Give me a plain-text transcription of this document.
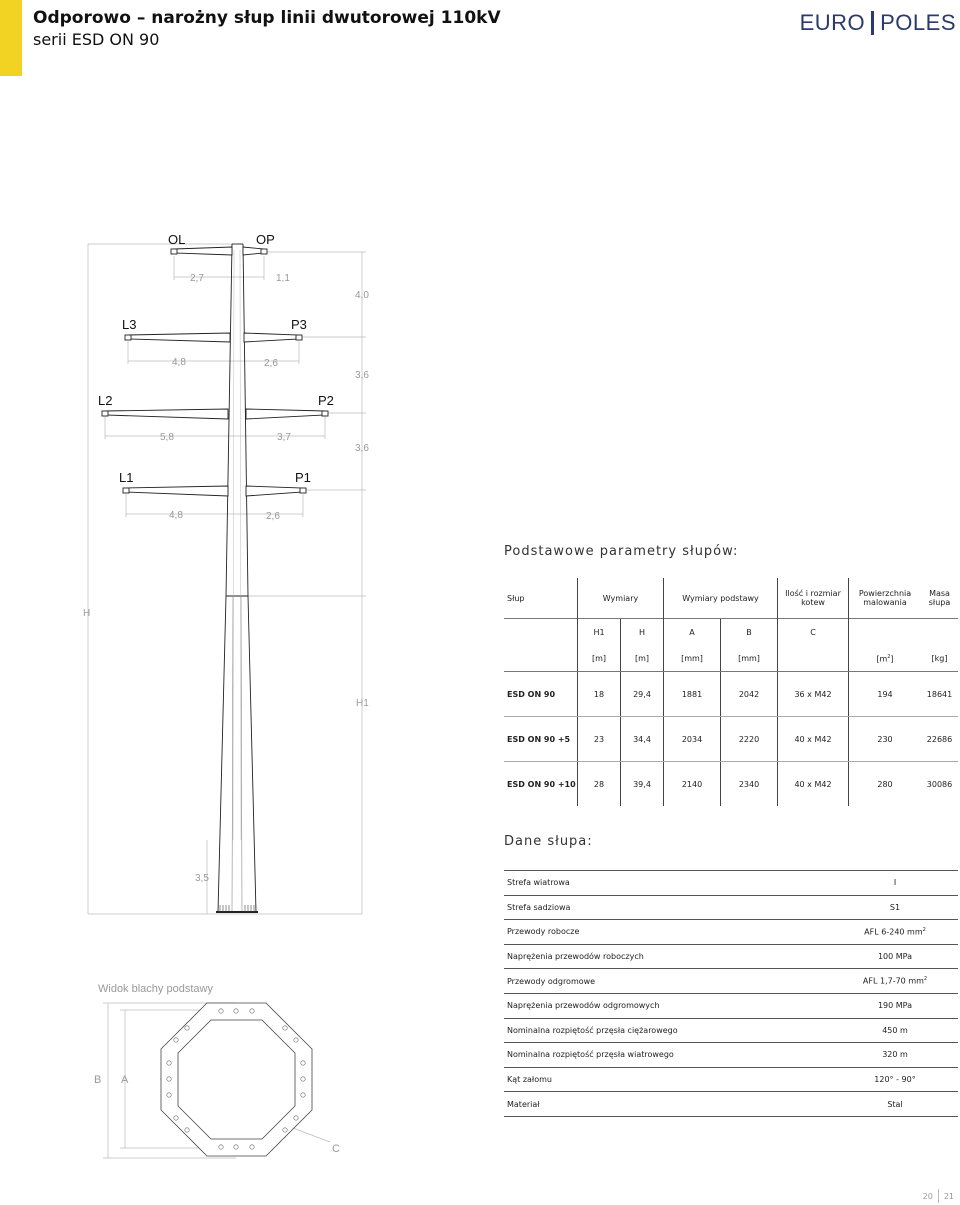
Odporowo – narożny słup linii dwutorowej 110kV
serii ESD ON 90
EURO POLES
OL	OP
L3	P3
L2	P2
L1	P1
2,7	1,1
4,8	2,6
5,8	3,7
4,8	2,6
4,0
3,6
3,6
H
H1
3,5
Widok blachy podstawy
B A
C
Podstawowe parametry słupów:
Słup	Wymiary		Wymiary podstawy		Ilość i rozmiar
kotew	Powierzchnia
malowania	Masa
słupa
	H1	H	A	B	C		
	[m]	[m]	[mm]	[mm]		$[m^2]$	[kg]
ESD ON 90	18	29,4	1881	2042	36 x M42	194	18641
ESD ON 90 +5	23	34,4	2034	2220	40 x M42	230	22686
ESD ON 90 +10	28	39,4	2140	2340	40 x M42	280	30086
Dane słupa:
Strefa wiatrowa	I
Strefa sadziowa	S1
Przewody robocze	AFL 6-240 $mm^2$
Naprężenia przewodów roboczych	100 MPa
Przewody odgromowe	AFL 1,7-70 $mm^2$
Naprężenia przewodów odgromowych	190 MPa
Nominalna rozpiętość przęsła ciężarowego	450 m
Nominalna rozpiętość przęsła wiatrowego	320 m
Kąt załomu	120° - 90°
Materiał	Stal
20 21
